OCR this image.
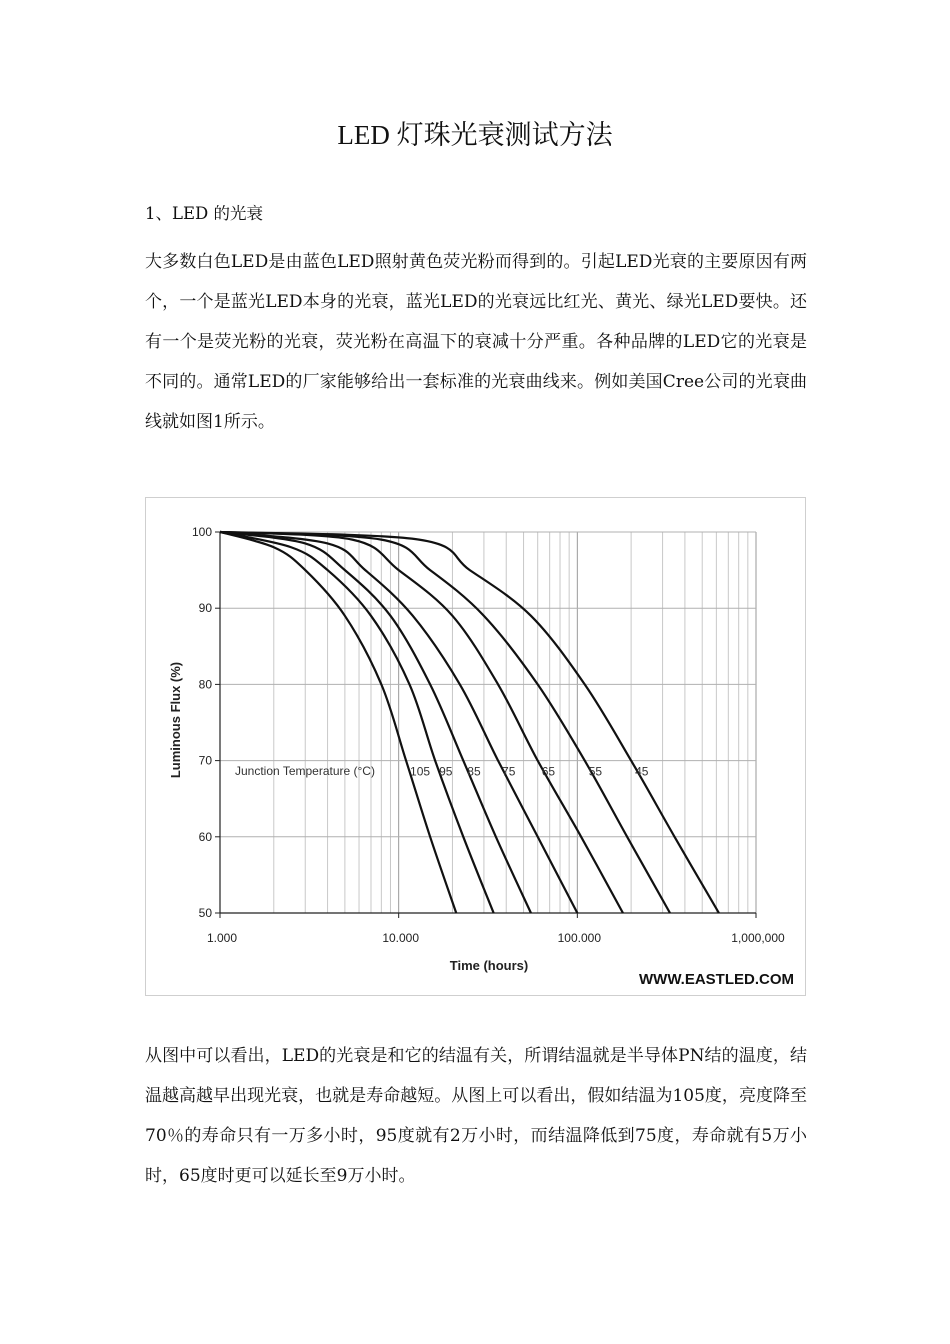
LED 灯珠光衰测试方法
1、LED 的光衰

大多数白色LED是由蓝色LED照射黄色荧光粉而得到的。引起LED光衰的主要原因有两个，一个是蓝光LED本身的光衰，蓝光LED的光衰远比红光、黄光、绿光LED要快。还有一个是荧光粉的光衰，荧光粉在高温下的衰减十分严重。各种品牌的LED它的光衰是不同的。通常LED的厂家能够给出一套标准的光衰曲线来。例如美国Cree公司的光衰曲线就如图1所示。

100
90
80
70
60
50
1.000	10.000	100.000	1,000,000
105 95 85 75 65	55	45
Junction Temperature (°C)
Time (hours)
Luminous Flux (%)
WWW.EASTLED.COM

从图中可以看出，LED的光衰是和它的结温有关，所谓结温就是半导体PN结的温度，结温越高越早出现光衰，也就是寿命越短。从图上可以看出，假如结温为105度，亮度降至70％的寿命只有一万多小时，95度就有2万小时，而结温降低到75度，寿命就有5万小时，65度时更可以延长至9万小时。
